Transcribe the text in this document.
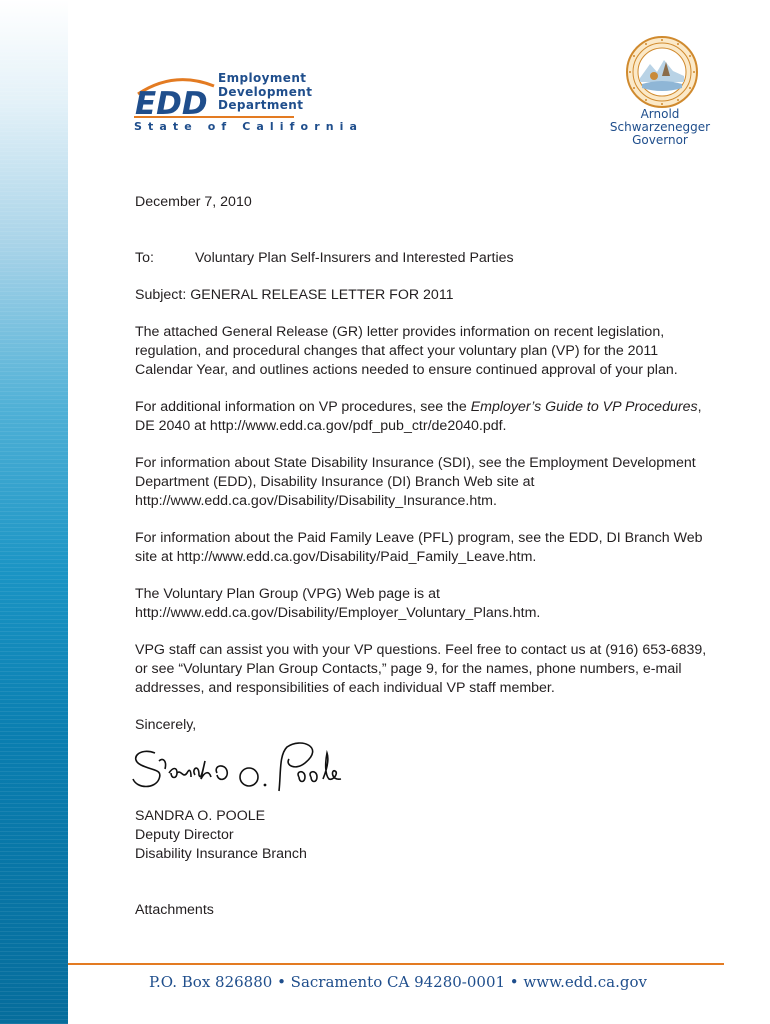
EDD
Employment
Development
Department
State of California
Arnold Schwarzenegger
Governor

December 7, 2010

To:	Voluntary Plan Self-Insurers and Interested Parties

Subject: GENERAL RELEASE LETTER FOR 2011

The attached General Release (GR) letter provides information on recent legislation, regulation, and procedural changes that affect your voluntary plan (VP) for the 2011 Calendar Year, and outlines actions needed to ensure continued approval of your plan.

For additional information on VP procedures, see the Employer’s Guide to VP Procedures, DE 2040 at http://www.edd.ca.gov/pdf_pub_ctr/de2040.pdf.

For information about State Disability Insurance (SDI), see the Employment Development Department (EDD), Disability Insurance (DI) Branch Web site at http://www.edd.ca.gov/Disability/Disability_Insurance.htm.

For information about the Paid Family Leave (PFL) program, see the EDD, DI Branch Web site at http://www.edd.ca.gov/Disability/Paid_Family_Leave.htm.

The Voluntary Plan Group (VPG) Web page is at http://www.edd.ca.gov/Disability/Employer_Voluntary_Plans.htm.

VPG staff can assist you with your VP questions. Feel free to contact us at (916) 653-6839, or see “Voluntary Plan Group Contacts,” page 9, for the names, phone numbers, e-mail addresses, and responsibilities of each individual VP staff member.

Sincerely,

SANDRA O. POOLE
Deputy Director
Disability Insurance Branch

Attachments

P.O. Box 826880 • Sacramento CA 94280-0001 • www.edd.ca.gov
